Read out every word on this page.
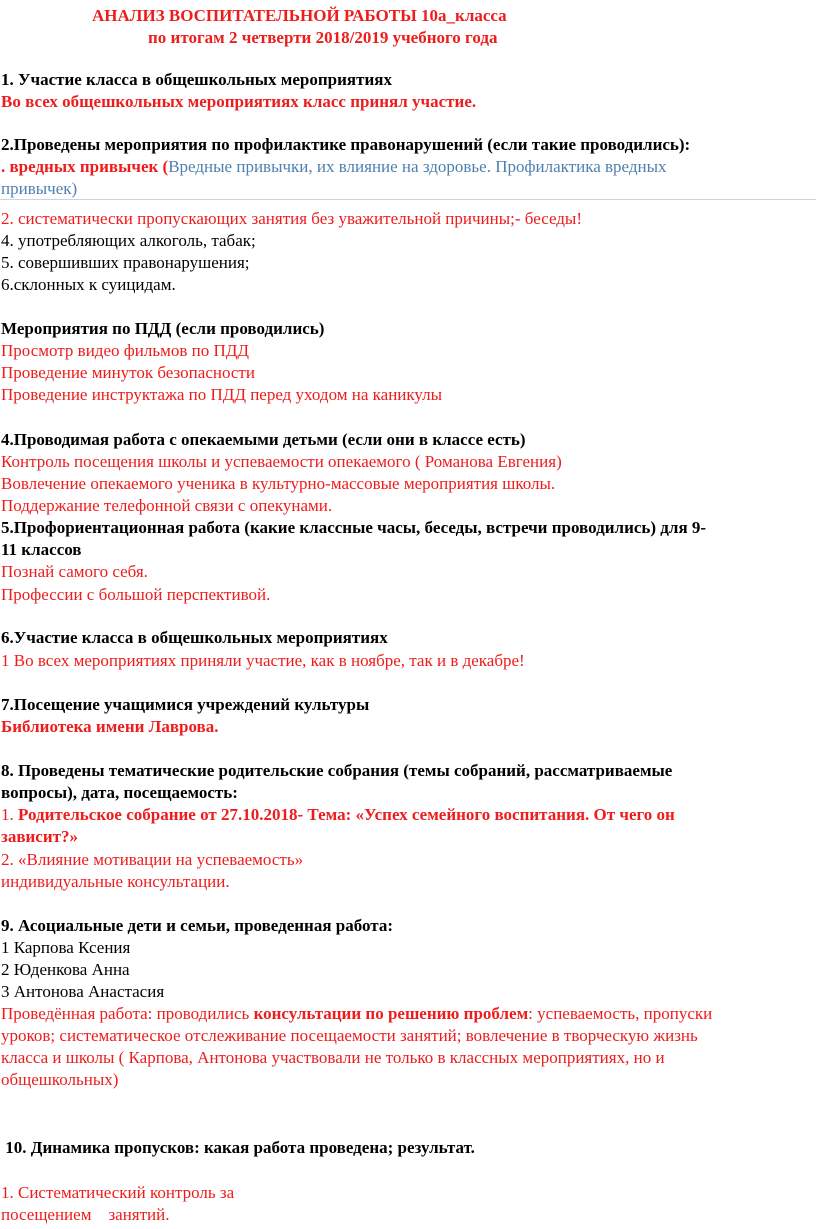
АНАЛИЗ ВОСПИТАТЕЛЬНОЙ РАБОТЫ 10а_класса
по итогам 2 четверти 2018/2019 учебного года
1. Участие класса в общешкольных мероприятиях
Во всех общешкольных мероприятиях класс принял участие.
2.Проведены мероприятия по профилактике правонарушений (если такие проводились):
. вредных привычек (Вредные привычки, их влияние на здоровье. Профилактика вредных
привычек)
2. систематически пропускающих занятия без уважительной причины;- беседы!
4. употребляющих алкоголь, табак;
5. совершивших правонарушения;
6.склонных к суицидам.
Мероприятия по ПДД (если проводились)
Просмотр видео фильмов по ПДД
Проведение минуток безопасности
Проведение инструктажа по ПДД перед уходом на каникулы
4.Проводимая работа с опекаемыми детьми (если они в классе есть)
Контроль посещения школы и успеваемости опекаемого ( Романова Евгения)
Вовлечение опекаемого ученика в культурно-массовые мероприятия школы.
Поддержание телефонной связи с опекунами.
5.Профориентационная работа (какие классные часы, беседы, встречи проводились) для 9-
11 классов
Познай самого себя.
Профессии с большой перспективой.
6.Участие класса в общешкольных мероприятиях
1 Во всех мероприятиях приняли участие, как в ноябре, так и в декабре!
7.Посещение учащимися учреждений культуры
Библиотека имени Лаврова.
8. Проведены тематические родительские собрания (темы собраний, рассматриваемые
вопросы), дата, посещаемость:
1. Родительское собрание от 27.10.2018- Тема: «Успех семейного воспитания. От чего он
зависит?»
2. «Влияние мотивации на успеваемость»
индивидуальные консультации.
9. Асоциальные дети и семьи, проведенная работа:
1 Карпова Ксения
2 Юденкова Анна
3 Антонова Анастасия
Проведённая работа: проводились консультации по решению проблем: успеваемость, пропуски
уроков; систематическое отслеживание посещаемости занятий; вовлечение в творческую жизнь
класса и школы ( Карпова, Антонова участвовали не только в классных мероприятиях, но и
общешкольных)
10. Динамика пропусков: какая работа проведена; результат.
1. Систематический контроль за
посещением    занятий.
